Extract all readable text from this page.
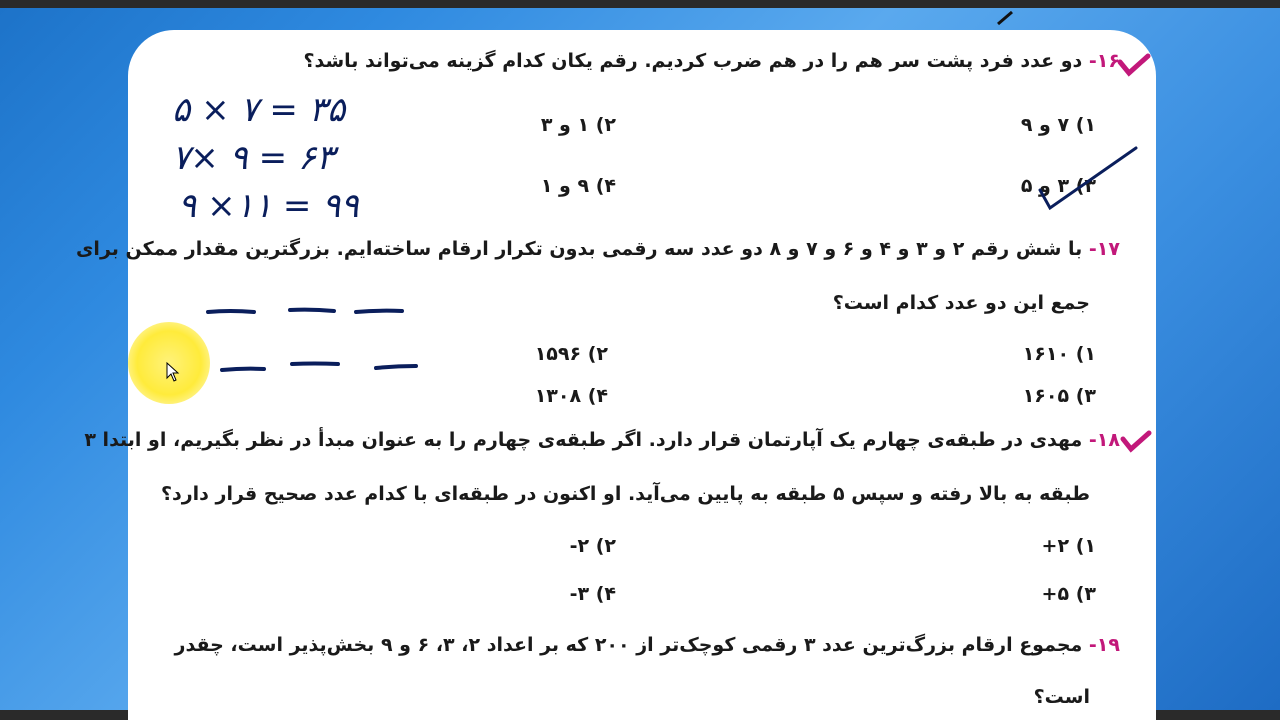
۱۶- دو عدد فرد پشت سر هم را در هم ضرب کردیم. رقم یکان کدام گزینه می‌تواند باشد؟
۱) ۷ و ۹
۲) ۱ و ۳
۳) ۳ و ۵
۴) ۹ و ۱
۱۷- با شش رقم ۲ و ۳ و ۴ و ۶ و ۷ و ۸ دو عدد سه رقمی بدون تکرار ارقام ساخته‌ایم. بزرگترین مقدار ممکن برای
جمع این دو عدد کدام است؟
۱) ۱۶۱۰
۲) ۱۵۹۶
۳) ۱۶۰۵
۴) ۱۳۰۸
۱۸- مهدی در طبقه‌ی چهارم یک آپارتمان قرار دارد. اگر طبقه‌ی چهارم را به عنوان مبدأ در نظر بگیریم، او ابتدا ۳
طبقه به بالا رفته و سپس ۵ طبقه به پایین می‌آید. او اکنون در طبقه‌ای با کدام عدد صحیح قرار دارد؟
۱) ۲+
۲) ۲-
۳) ۵+
۴) ۳-
۱۹- مجموع ارقام بزرگ‌ترین عدد ۳ رقمی کوچک‌تر از ۲۰۰ که بر اعداد ۲، ۳، ۶ و ۹ بخش‌پذیر است، چقدر
است؟
۵ × ۷ = ۳۵
۷× ۹ = ۶۳
۹ ×۱۱ = ۹۹
